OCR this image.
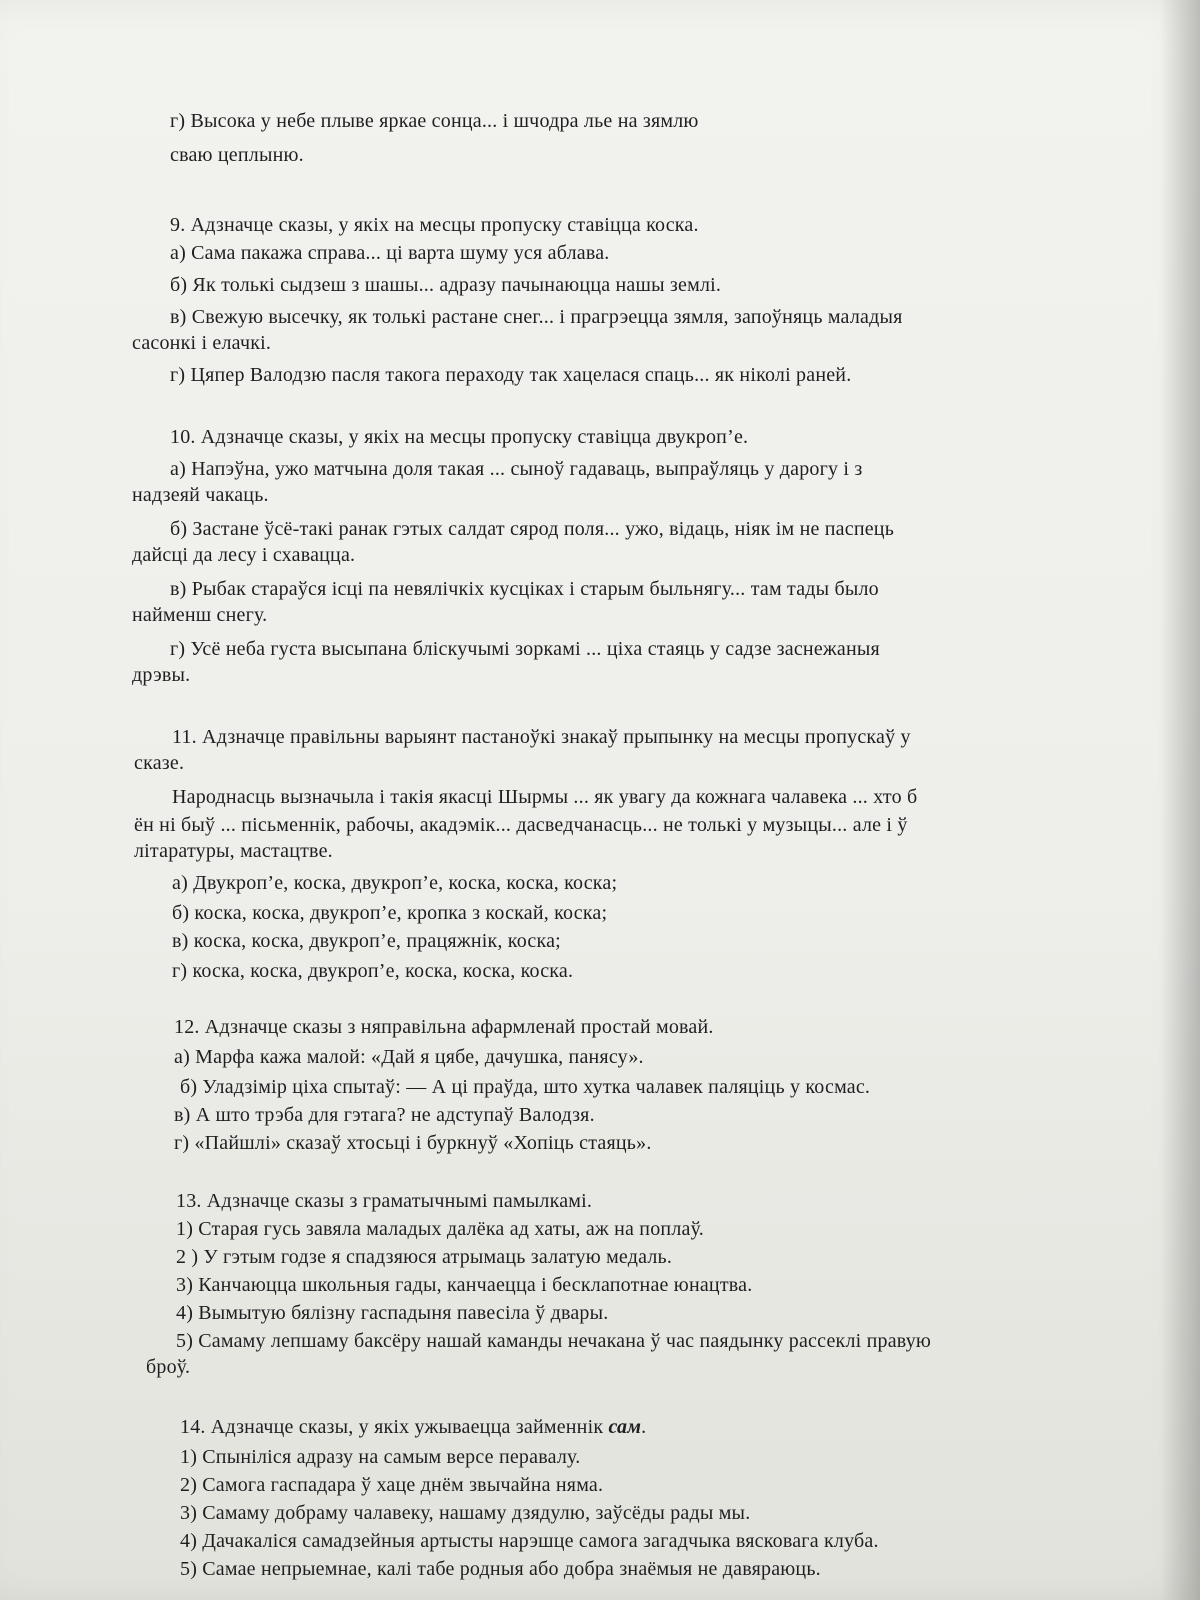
г) Высока у небе плыве яркае сонца... і шчодра лье на зямлю
сваю цеплыню.
9. Адзначце сказы, у якіх на месцы пропуску ставіцца коска.
а) Сама пакажа справа... ці варта шуму уся аблава.
б) Як толькі сыдзеш з шашы... адразу пачынаюцца нашы землі.
в) Свежую высечку, як толькі растане снег... і прагрэецца зямля, запоўняць маладыя
сасонкі і елачкі.
г) Цяпер Валодзю пасля такога пераходу так хацелася спаць... як ніколі раней.
10. Адзначце сказы, у якіх на месцы пропуску ставіцца двукроп’е.
а) Напэўна, ужо матчына доля такая ... сыноў гадаваць, выпраўляць у дарогу і з
надзеяй чакаць.
б) Застане ўсё-такі ранак гэтых салдат сярод поля... ужо, відаць, ніяк ім не паспець
дайсці да лесу і схавацца.
в) Рыбак стараўся ісці па невялічкіх кусціках і старым быльнягу... там тады было
найменш снегу.
г) Усё неба густа высыпана бліскучымі зоркамі ... ціха стаяць у садзе заснежаныя
дрэвы.
11. Адзначце правільны варыянт пастаноўкі знакаў прыпынку на месцы пропускаў у
сказе.
Народнасць вызначыла і такія якасці Шырмы ... як увагу да кожнага чалавека ... хто б
ён ні быў ... пісьменнік, рабочы, акадэмік... дасведчанасць... не толькі у музыцы... але і ў
літаратуры, мастацтве.
а) Двукроп’е, коска, двукроп’е, коска, коска, коска;
б) коска, коска, двукроп’е, кропка з коскай, коска;
в) коска, коска, двукроп’е, працяжнік, коска;
г) коска, коска, двукроп’е, коска, коска, коска.
12. Адзначце сказы з няправільна афармленай простай мовай.
а) Марфа кажа малой: «Дай я цябе, дачушка, панясу».
б) Уладзімір ціха спытаў: — А ці праўда, што хутка чалавек паляціць у космас.
в) А што трэба для гэтага? не адступаў Валодзя.
г) «Пайшлі» сказаў хтосьці і буркнуў «Хопіць стаяць».
13. Адзначце сказы з граматычнымі памылкамі.
1) Старая гусь завяла маладых далёка ад хаты, аж на поплаў.
2 ) У гэтым годзе я спадзяюся атрымаць залатую медаль.
3) Канчаюцца школьныя гады, канчаецца і бесклапотнае юнацтва.
4) Вымытую бялізну гаспадыня павесіла ў двары.
5) Самаму лепшаму баксёру нашай каманды нечакана ў час паядынку рассеклі правую
броў.
14. Адзначце сказы, у якіх ужываецца займеннік сам.
1) Спыніліся адразу на самым версе перавалу.
2) Самога гаспадара ў хаце днём звычайна няма.
3) Самаму добраму чалавеку, нашаму дзядулю, заўсёды рады мы.
4) Дачакаліся самадзейныя артысты нарэшце самога загадчыка вясковага клуба.
5) Самае непрыемнае, калі табе родныя або добра знаёмыя не давяраюць.
